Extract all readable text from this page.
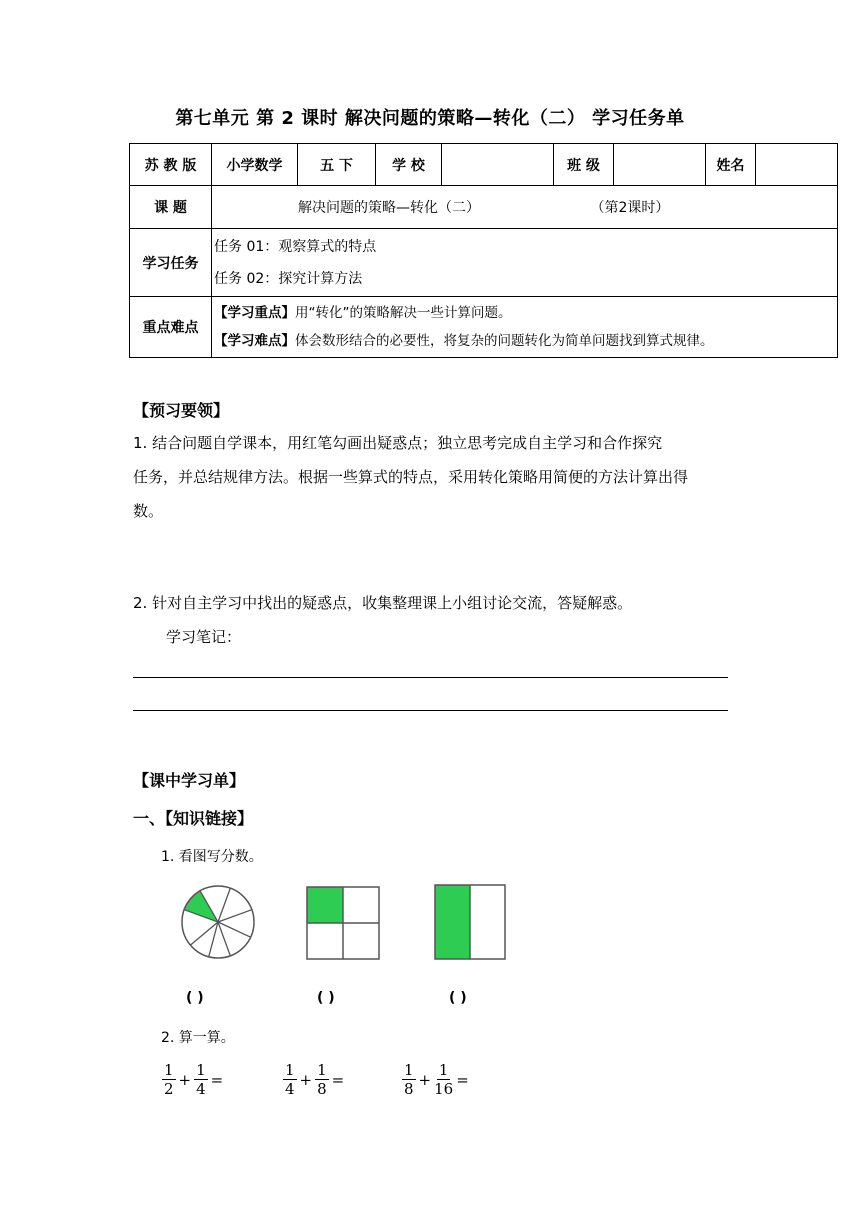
第七单元 第 2 课时 解决问题的策略—转化（二） 学习任务单
苏 教 版	小学数学	五 下	学 校		班 级		姓名	
课 题	解决问题的策略—转化（二） （第2课时）							
学习任务	任务 01：观察算式的特点
任务 02：探究计算方法							

重点难点	【学习重点】用“转化”的策略解决一些计算问题。
【学习难点】体会数形结合的必要性，将复杂的问题转化为简单问题找到算式规律。							
【预习要领】
1. 结合问题自学课本，用红笔勾画出疑惑点；独立思考完成自主学习和合作探究
任务，并总结规律方法。根据一些算式的特点，采用转化策略用简便的方法计算出得
数。
2. 针对自主学习中找出的疑惑点，收集整理课上小组讨论交流，答疑解惑。
学习笔记：
【课中学习单】
一、【知识链接】
1. 看图写分数。
( )	( )	( )
2. 算一算。
$\frac{1}{2} + \frac{1}{4}$ =	$\frac{1}{4} + \frac{1}{8}$ =	$\frac{1}{8} + \frac{1}{16}$ =
